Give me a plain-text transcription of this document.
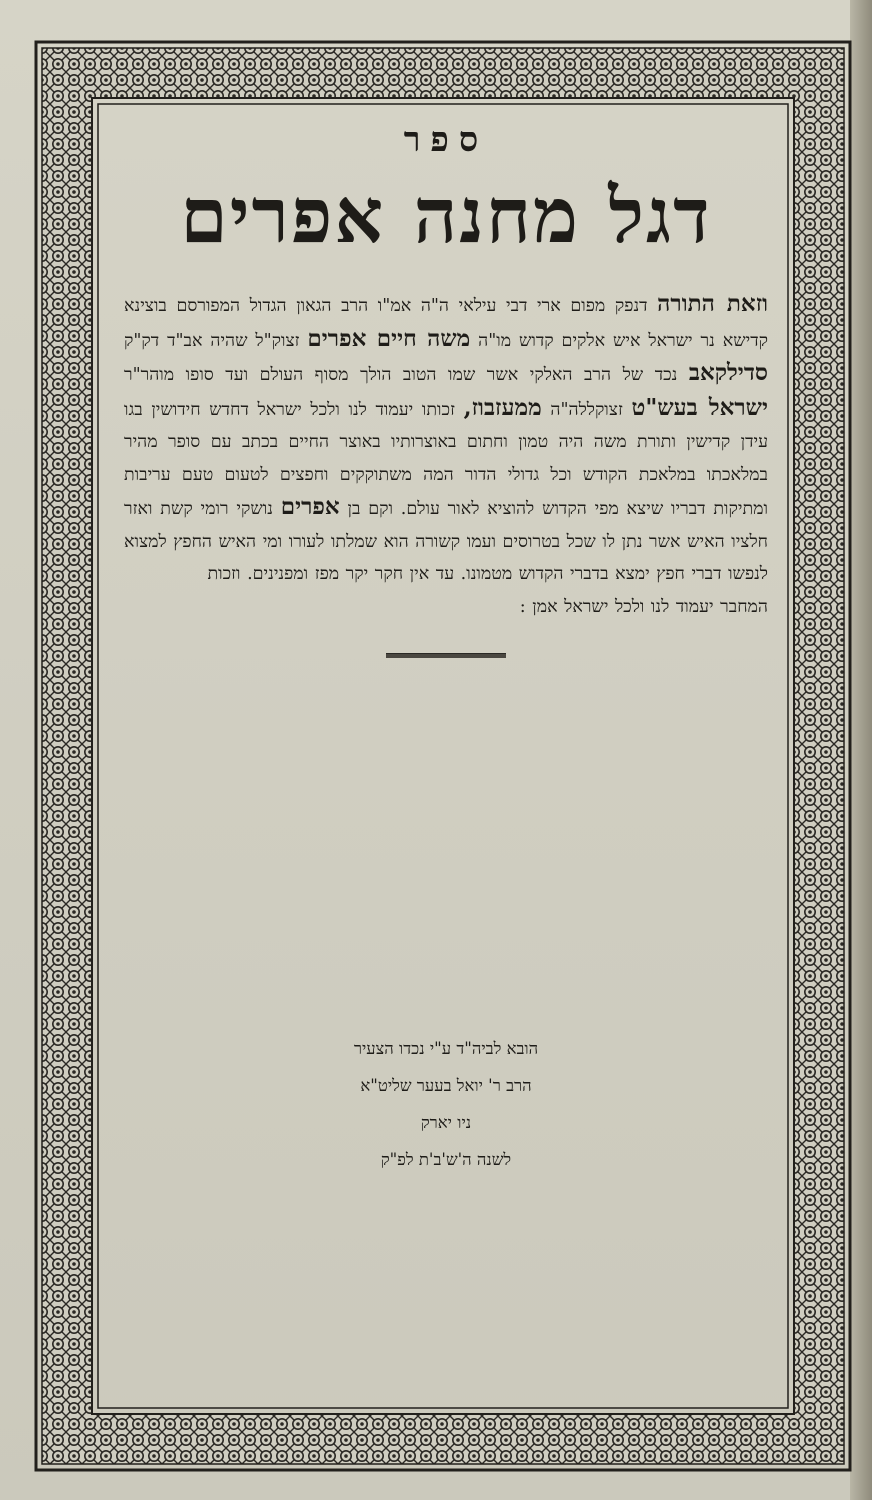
ספר
דגל מחנה אפרים
וזאת התורה דנפק מפום ארי דבי עילאי ה"ה אמ"ו הרב הגאון הגדול המפורסם בוצינא קדישא נר ישראל איש אלקים קדוש מו"ה משה חיים אפרים זצוק"ל שהיה אב"ד דק"ק סדילקאב נכד של הרב האלקי אשר שמו הטוב הולך מסוף העולם ועד סופו מוהר"ר ישראל בעש"ט זצוקללה"ה ממעזבוז, זכותו יעמוד לנו ולכל ישראל דחדש חידושין בגו עידן קדישין ותורת משה היה טמון וחתום באוצרותיו באוצר החיים בכתב עם סופר מהיר במלאכתו במלאכת הקודש וכל גדולי הדור המה משתוקקים וחפצים לטעום טעם עריבות ומתיקות דבריו שיצא מפי הקדוש להוציא לאור עולם. וקם בן אפרים נושקי רומי קשת ואזר חלציו האיש אשר נתן לו שכל בטרוסים ועמו קשורה הוא שמלתו לעורו ומי האיש החפץ למצוא לנפשו דברי חפץ ימצא בדברי הקדוש מטמונו. עד אין חקר יקר מפז ומפנינים. וזכות
המחבר יעמוד לנו ולכל ישראל אמן :
הובא לביה"ד ע"י נכדו הצעיר
הרב ר' יואל בעער שליט"א
ניו יארק
לשנה ה'ש'ב'ת לפ"ק
